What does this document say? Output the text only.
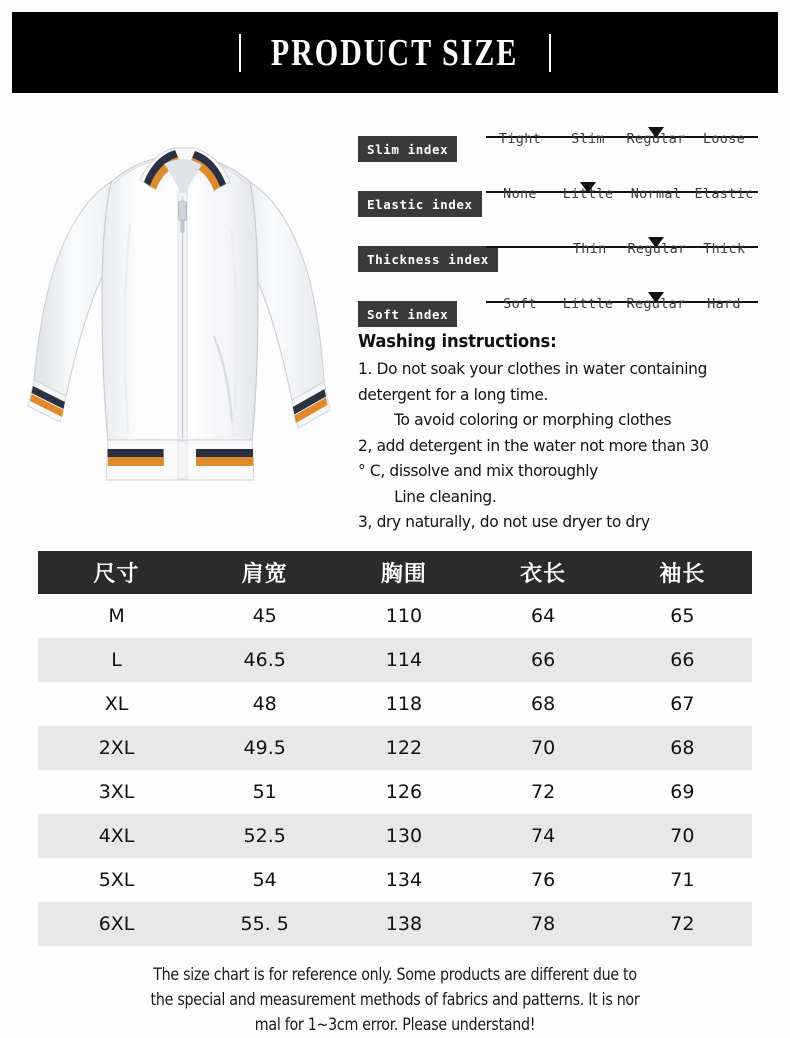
PRODUCT SIZE
Slim index
Tight	Slim	Regular	Loose
Elastic index
None	Little	Normal Elastic
Thickness index
Thin	Regular	Thick
Soft index
Soft	Little Regular	Hard
Washing instructions:
1. Do not soak your clothes in water containing
detergent for a long time.
To avoid coloring or morphing clothes
2, add detergent in the water not more than 30
° C, dissolve and mix thoroughly
Line cleaning.
3, dry naturally, do not use dryer to dry
尺寸	肩宽	胸围	衣长	袖长
M	45	110	64	65
L	46.5	114	66	66
XL	48	118	68	67
2XL	49.5	122	70	68
3XL	51	126	72	69
4XL	52.5	130	74	70
5XL	54	134	76	71
6XL	55. 5	138	78	72
The size chart is for reference only. Some products are different due to
the special and measurement methods of fabrics and patterns. It is nor
mal for 1~3cm error. Please understand!
